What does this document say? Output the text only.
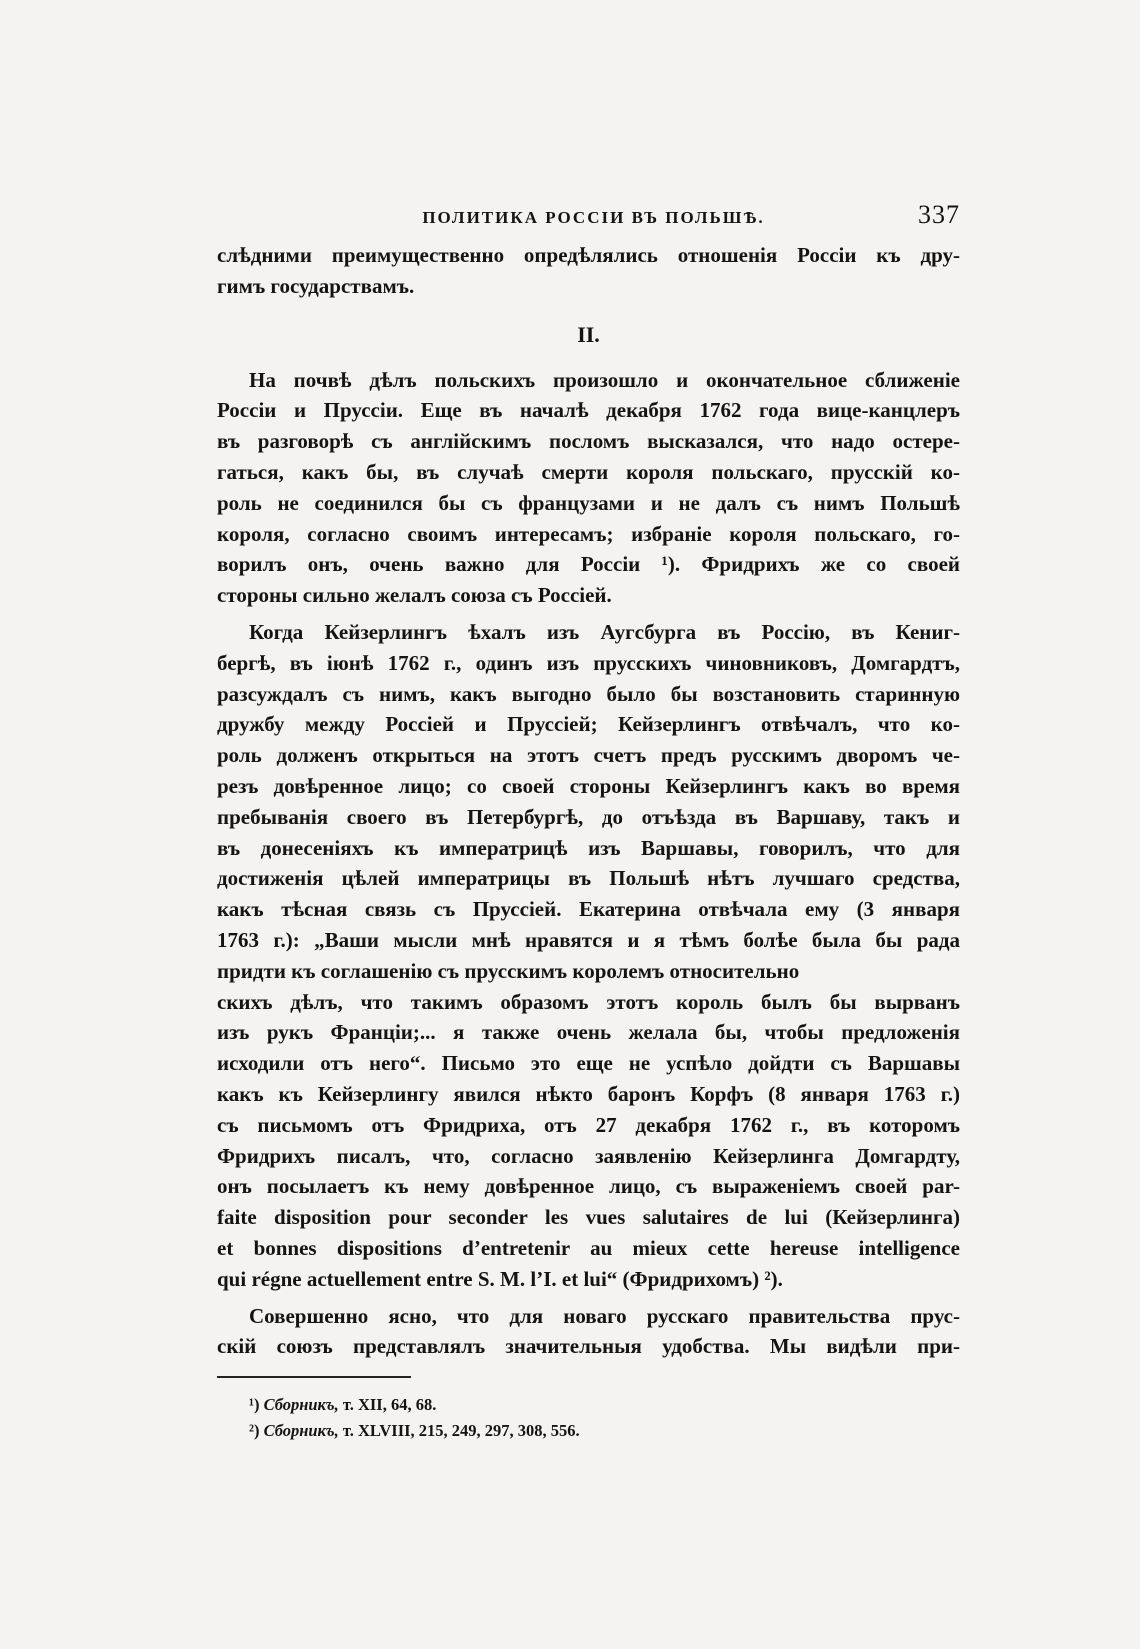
ПОЛИТИКА РОССІИ ВЪ ПОЛЬШѢ.	337

слѣдними преимущественно опредѣлялись отношенія Россіи къ дру-
гимъ государствамъ.

II.

На почвѣ дѣлъ польскихъ произошло и окончательное сближеніе
Россіи и Пруссіи. Еще въ началѣ декабря 1762 года вице-канцлеръ
въ разговорѣ съ англійскимъ посломъ высказался, что надо остере-
гаться, какъ бы, въ случаѣ смерти короля польскаго, прусскій ко-
роль не соединился бы съ французами и не далъ съ нимъ Польшѣ
короля, согласно своимъ интересамъ; избраніе короля польскаго, го-
ворилъ онъ, очень важно для Россіи ¹). Фридрихъ же со своей
стороны сильно желалъ союза съ Россіей.

Когда Кейзерлингъ ѣхалъ изъ Аугсбурга въ Россію, въ Кениг-
бергѣ, въ іюнѣ 1762 г., одинъ изъ прусскихъ чиновниковъ, Домгардтъ,
разсуждалъ съ нимъ, какъ выгодно было бы возстановить старинную
дружбу между Россіей и Пруссіей; Кейзерлингъ отвѣчалъ, что ко-
роль долженъ открыться на этотъ счетъ предъ русскимъ дворомъ че-
резъ довѣренное лицо; со своей стороны Кейзерлингъ какъ во время
пребыванія своего въ Петербургѣ, до отъѣзда въ Варшаву, такъ и
въ донесеніяхъ къ императрицѣ изъ Варшавы, говорилъ, что для
достиженія цѣлей императрицы въ Польшѣ нѣтъ лучшаго средства,
какъ тѣсная связь съ Пруссіей. Екатерина отвѣчала ему (3 января
1763 г.): „Ваши мысли мнѣ нравятся и я тѣмъ болѣе была бы рада
придти къ соглашенію съ прусскимъ королемъ относительно
скихъ дѣлъ, что такимъ образомъ этотъ король былъ бы вырванъ
изъ рукъ Франціи;... я также очень желала бы, чтобы предложенія
исходили отъ него“. Письмо это еще не успѣло дойдти съ Варшавы
какъ къ Кейзерлингу явился нѣкто баронъ Корфъ (8 января 1763 г.)
съ письмомъ отъ Фридриха, отъ 27 декабря 1762 г., въ которомъ
Фридрихъ писалъ, что, согласно заявленію Кейзерлинга Домгардту,
онъ посылаетъ къ нему довѣренное лицо, съ выраженіемъ своей par-
faite disposition pour seconder les vues salutaires de lui (Кейзерлинга)
et bonnes dispositions d’entretenir au mieux cette hereuse intelligence
qui régne actuellement entre S. M. l’I. et lui“ (Фридрихомъ) ²).

Совершенно ясно, что для новаго русскаго правительства прус-
скій союзъ представлялъ значительныя удобства. Мы видѣли при-

¹) Сборникъ, т. XII, 64, 68.
²) Сборникъ, т. XLVIII, 215, 249, 297, 308, 556.
